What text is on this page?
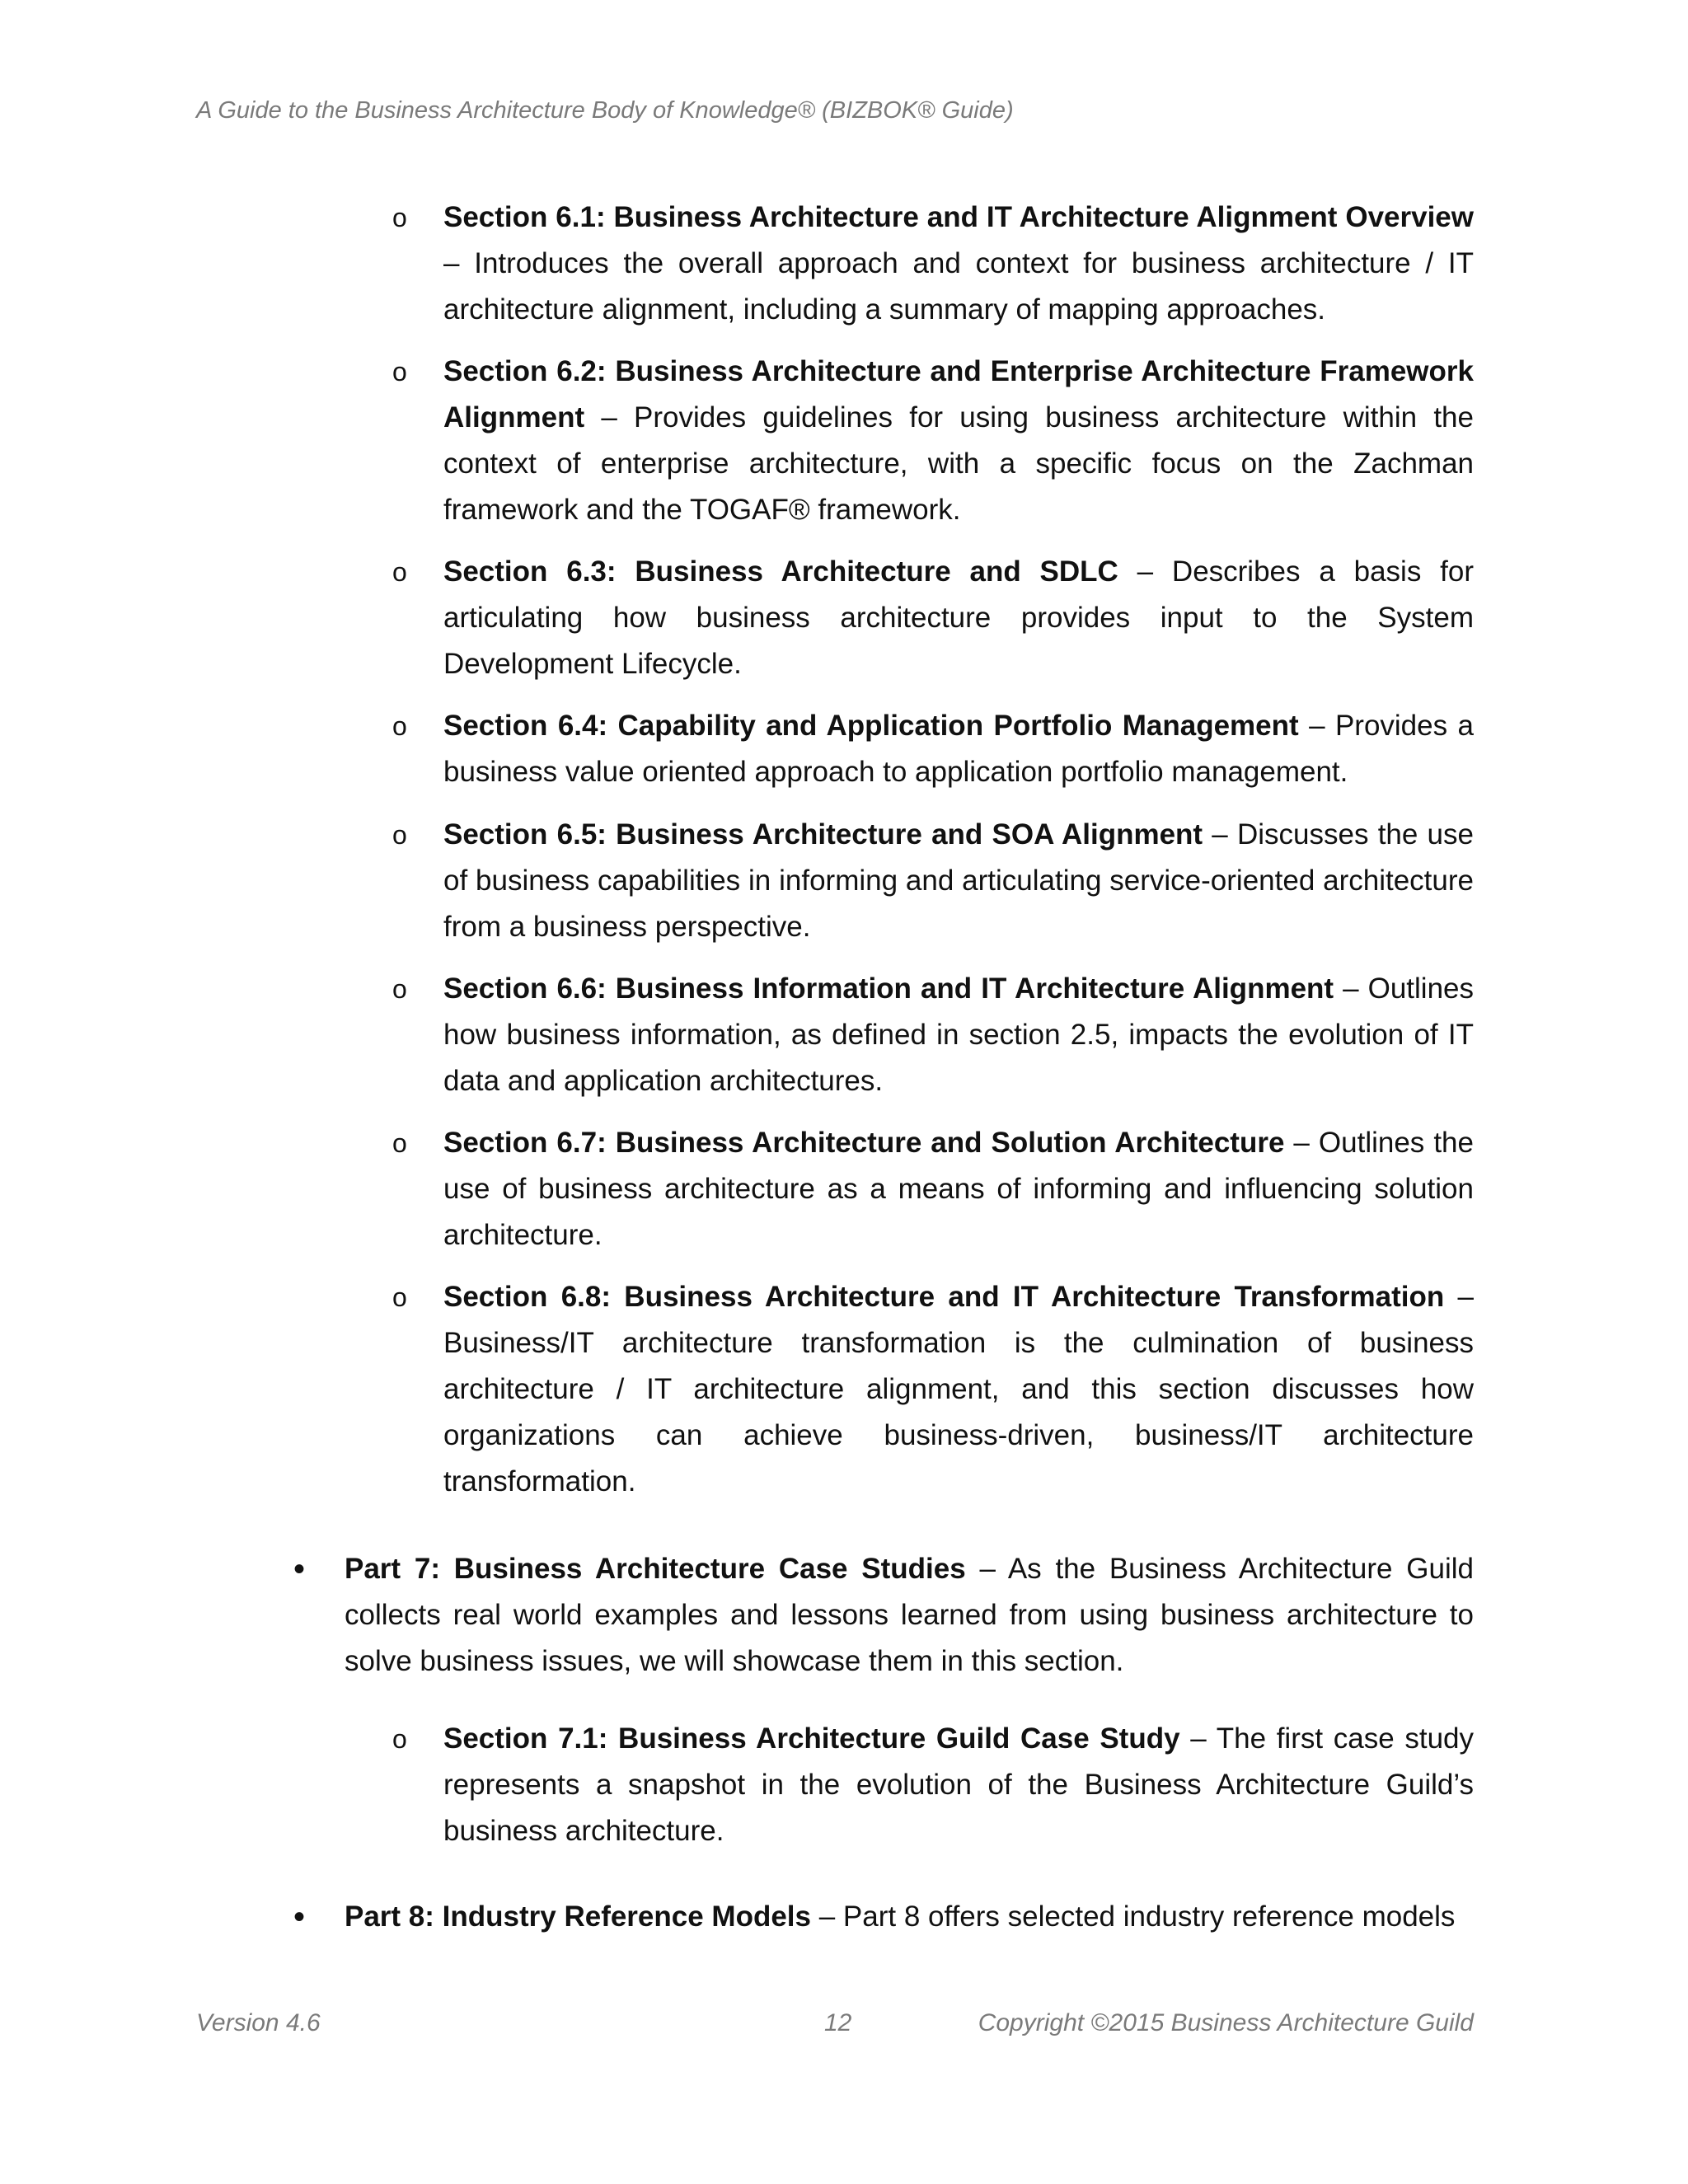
A Guide to the Business Architecture Body of Knowledge® (BIZBOK® Guide)
o Section 6.1: Business Architecture and IT Architecture Alignment Overview – Introduces the overall approach and context for business architecture / IT architecture alignment, including a summary of mapping approaches.
o Section 6.2: Business Architecture and Enterprise Architecture Framework Alignment – Provides guidelines for using business architecture within the context of enterprise architecture, with a specific focus on the Zachman framework and the TOGAF® framework.
o Section 6.3: Business Architecture and SDLC – Describes a basis for articulating how business architecture provides input to the System Development Lifecycle.
o Section 6.4: Capability and Application Portfolio Management – Provides a business value oriented approach to application portfolio management.
o Section 6.5: Business Architecture and SOA Alignment – Discusses the use of business capabilities in informing and articulating service-oriented architecture from a business perspective.
o Section 6.6: Business Information and IT Architecture Alignment – Outlines how business information, as defined in section 2.5, impacts the evolution of IT data and application architectures.
o Section 6.7: Business Architecture and Solution Architecture – Outlines the use of business architecture as a means of informing and influencing solution architecture.
o Section 6.8: Business Architecture and IT Architecture Transformation – Business/IT architecture transformation is the culmination of business architecture / IT architecture alignment, and this section discusses how organizations can achieve business-driven, business/IT architecture transformation.
• Part 7: Business Architecture Case Studies – As the Business Architecture Guild collects real world examples and lessons learned from using business architecture to solve business issues, we will showcase them in this section.
o Section 7.1: Business Architecture Guild Case Study – The first case study represents a snapshot in the evolution of the Business Architecture Guild’s business architecture.
• Part 8: Industry Reference Models – Part 8 offers selected industry reference models
Version 4.6	12	Copyright ©2015 Business Architecture Guild
